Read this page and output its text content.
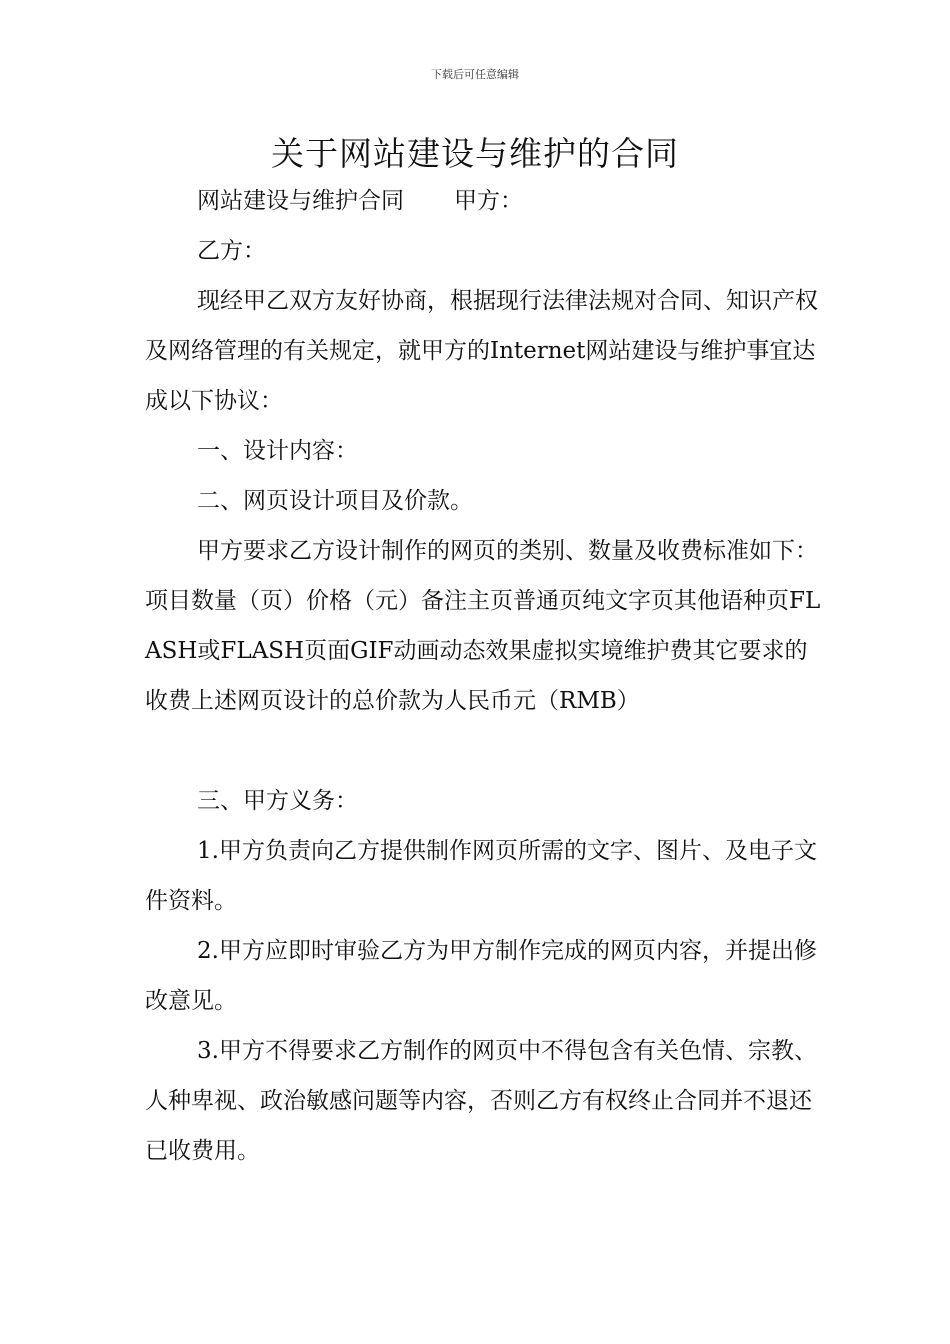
下载后可任意编辑
关于网站建设与维护的合同

网站建设与维护合同 甲方：

乙方：

现经甲乙双方友好协商，根据现行法律法规对合同、知识产权及网络管理的有关规定，就甲方的Internet网站建设与维护事宜达成以下协议：

一、设计内容：

二、网页设计项目及价款。

甲方要求乙方设计制作的网页的类别、数量及收费标准如下：项目数量（页）价格（元）备注主页普通页纯文字页其他语种页FLASH或FLASH页面GIF动画动态效果虚拟实境维护费其它要求的收费上述网页设计的总价款为人民币元（RMB）

三、甲方义务：

1.甲方负责向乙方提供制作网页所需的文字、图片、及电子文件资料。

2.甲方应即时审验乙方为甲方制作完成的网页内容，并提出修改意见。

3.甲方不得要求乙方制作的网页中不得包含有关色情、宗教、人种卑视、政治敏感问题等内容，否则乙方有权终止合同并不退还已收费用。
